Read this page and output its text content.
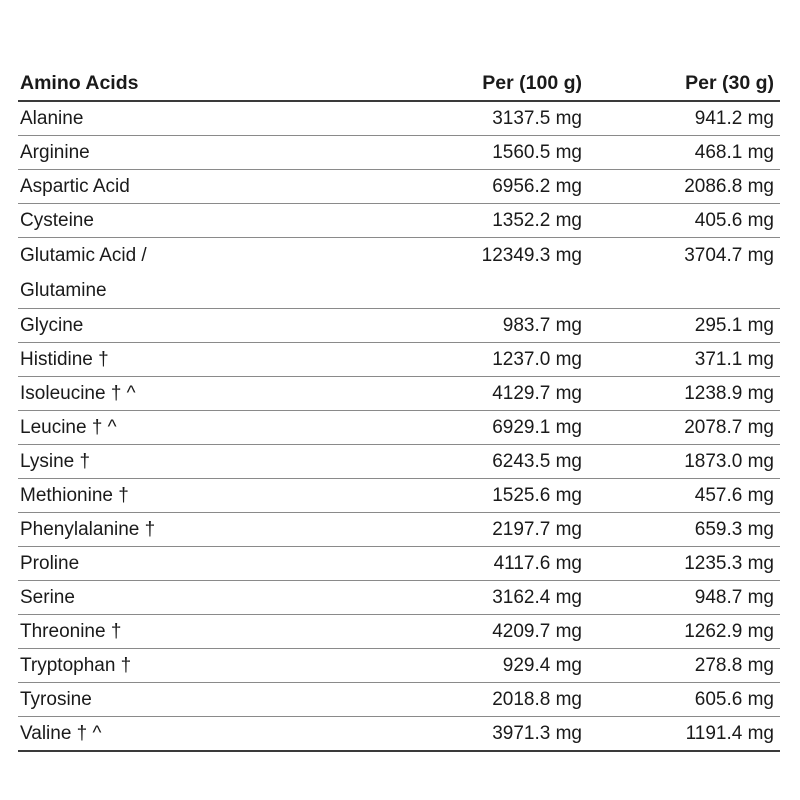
Amino Acids	Per (100 g)	Per (30 g)
Alanine	3137.5 mg	941.2 mg
Arginine	1560.5 mg	468.1 mg
Aspartic Acid	6956.2 mg	2086.8 mg
Cysteine	1352.2 mg	405.6 mg

Glutamic Acid / Glutamine	12349.3 mg	3704.7 mg
Glycine	983.7 mg	295.1 mg
Histidine †	1237.0 mg	371.1 mg
Isoleucine † ^	4129.7 mg	1238.9 mg
Leucine † ^	6929.1 mg	2078.7 mg
Lysine †	6243.5 mg	1873.0 mg
Methionine †	1525.6 mg	457.6 mg
Phenylalanine †	2197.7 mg	659.3 mg
Proline	4117.6 mg	1235.3 mg
Serine	3162.4 mg	948.7 mg
Threonine †	4209.7 mg	1262.9 mg
Tryptophan †	929.4 mg	278.8 mg
Tyrosine	2018.8 mg	605.6 mg
Valine † ^	3971.3 mg	1191.4 mg
